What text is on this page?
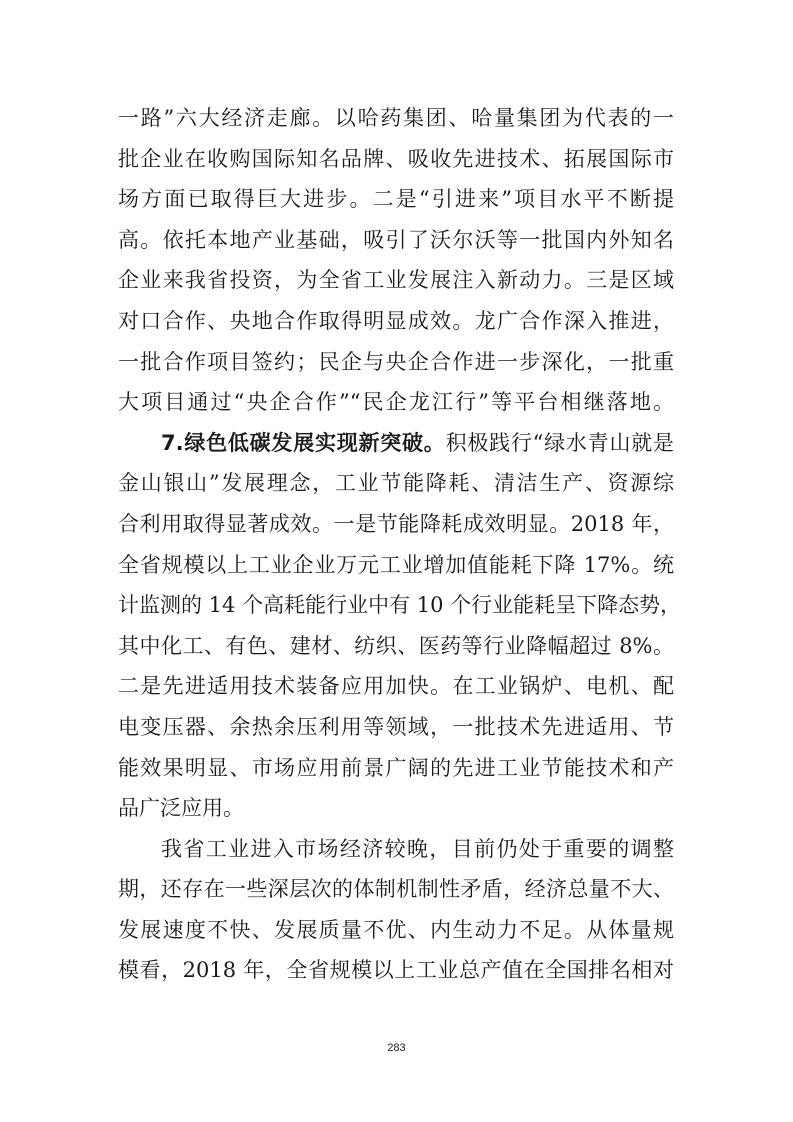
一路”六大经济走廊。以哈药集团、哈量集团为代表的一
批企业在收购国际知名品牌、吸收先进技术、拓展国际市
场方面已取得巨大进步。二是“引进来”项目水平不断提
高。依托本地产业基础，吸引了沃尔沃等一批国内外知名
企业来我省投资，为全省工业发展注入新动力。三是区域
对口合作、央地合作取得明显成效。龙广合作深入推进，
一批合作项目签约；民企与央企合作进一步深化，一批重
大项目通过“央企合作”“民企龙江行”等平台相继落地。
7.绿色低碳发展实现新突破。积极践行“绿水青山就是
金山银山”发展理念，工业节能降耗、清洁生产、资源综
合利用取得显著成效。一是节能降耗成效明显。2018 年，
全省规模以上工业企业万元工业增加值能耗下降 17%。统
计监测的 14 个高耗能行业中有 10 个行业能耗呈下降态势，
其中化工、有色、建材、纺织、医药等行业降幅超过 8%。
二是先进适用技术装备应用加快。在工业锅炉、电机、配
电变压器、余热余压利用等领域，一批技术先进适用、节
能效果明显、市场应用前景广阔的先进工业节能技术和产
品广泛应用。
我省工业进入市场经济较晚，目前仍处于重要的调整
期，还存在一些深层次的体制机制性矛盾，经济总量不大、
发展速度不快、发展质量不优、内生动力不足。从体量规
模看，2018 年，全省规模以上工业总产值在全国排名相对
283
